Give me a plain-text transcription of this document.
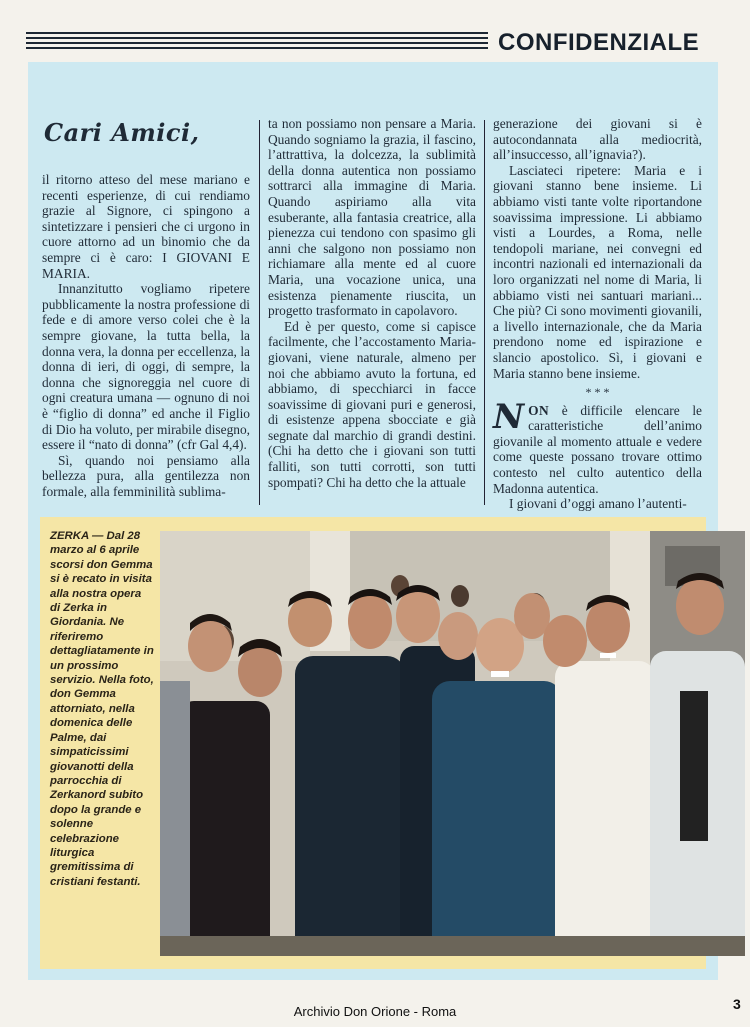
CONFIDENZIALE
Cari Amici,

il ritorno atteso del mese mariano e recenti esperienze, di cui rendiamo grazie al Signore, ci spingono a sintetizzare i pensieri che ci urgono in cuore attorno ad un binomio che da sempre ci è caro: I GIOVANI E MARIA.

Innanzitutto vogliamo ripetere pubblicamente la nostra professione di fede e di amore verso colei che è la sempre giovane, la tutta bella, la donna vera, la donna per eccellenza, la donna di ieri, di oggi, di sempre, la donna che signoreggia nel cuore di ogni creatura umana — ognuno di noi è “figlio di donna” ed anche il Figlio di Dio ha voluto, per mirabile disegno, essere il “nato di donna” (cfr Gal 4,4).

Sì, quando noi pensiamo alla bellezza pura, alla gentilezza non formale, alla femminilità sublima-

ta non possiamo non pensare a Maria. Quando sogniamo la grazia, il fascino, l’attrattiva, la dolcezza, la sublimità della donna autentica non possiamo sottrarci alla immagine di Maria. Quando aspiriamo alla vita esuberante, alla fantasia creatrice, alla pienezza cui tendono con spasimo gli anni che salgono non possiamo non richiamare alla mente ed al cuore Maria, una vocazione unica, una esistenza pienamente riuscita, un progetto trasformato in capolavoro.

Ed è per questo, come si capisce facilmente, che l’accostamento Maria-giovani, viene naturale, almeno per noi che abbiamo avuto la fortuna, ed abbiamo, di specchiarci in facce soavissime di giovani puri e generosi, di esistenze appena sbocciate e già segnate dal marchio di grandi destini. (Chi ha detto che i giovani son tutti falliti, son tutti corrotti, son tutti spompati? Chi ha detto che la attuale

generazione dei giovani si è autocondannata alla mediocrità, all’insuccesso, all’ignavia?).

Lasciateci ripetere: Maria e i giovani stanno bene insieme. Li abbiamo visti tante volte riportandone soavissima impressione. Li abbiamo visti a Lourdes, a Roma, nelle tendopoli mariane, nei convegni ed incontri nazionali ed internazionali da loro organizzati nel nome di Maria, li abbiamo visti nei santuari mariani... Che più? Ci sono movimenti giovanili, a livello internazionale, che da Maria prendono nome ed ispirazione e slancio apostolico. Sì, i giovani e Maria stanno bene insieme.

* * *

NON è difficile elencare le caratteristiche dell’animo giovanile al momento attuale e vedere come queste possano trovare ottimo contesto nel culto autentico della Madonna autentica.

I giovani d’oggi amano l’autenti-

ZERKA — Dal 28 marzo al 6 aprile scorsi don Gemma si è recato in visita alla nostra opera di Zerka in Giordania. Ne riferiremo dettagliatamente in un prossimo servizio. Nella foto, don Gemma attorniato, nella domenica delle Palme, dai simpaticissimi giovanotti della parrocchia di Zerkanord subito dopo la grande e solenne celebrazione liturgica gremitissima di cristiani festanti.
Archivio Don Orione - Roma	3
